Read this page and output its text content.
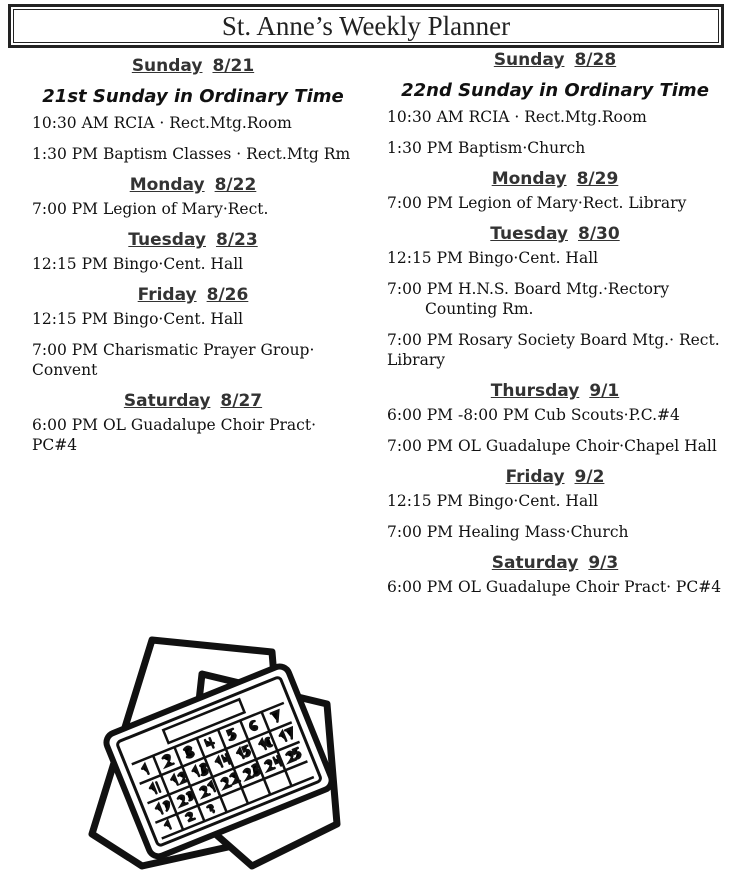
St. Anne’s Weekly Planner
Sunday 8/21
21st Sunday in Ordinary Time
10:30 AM RCIA · Rect.Mtg.Room
1:30 PM Baptism Classes · Rect.Mtg Rm
Monday 8/22
7:00 PM Legion of Mary·Rect.
Tuesday 8/23
12:15 PM Bingo·Cent. Hall
Friday 8/26
12:15 PM Bingo·Cent. Hall
7:00 PM Charismatic Prayer Group· Convent
Saturday 8/27
6:00 PM OL Guadalupe Choir Pract· PC#4
Sunday 8/28
22nd Sunday in Ordinary Time
10:30 AM RCIA · Rect.Mtg.Room
1:30 PM Baptism·Church
Monday 8/29
7:00 PM Legion of Mary·Rect. Library
Tuesday 8/30
12:15 PM Bingo·Cent. Hall
7:00 PM H.N.S. Board Mtg.·Rectory Counting Rm.
7:00 PM Rosary Society Board Mtg.· Rect. Library
Thursday 9/1
6:00 PM -8:00 PM Cub Scouts·P.C.#4
7:00 PM OL Guadalupe Choir·Chapel Hall
Friday 9/2
12:15 PM Bingo·Cent. Hall
7:00 PM Healing Mass·Church
Saturday 9/3
6:00 PM OL Guadalupe Choir Pract· PC#4
